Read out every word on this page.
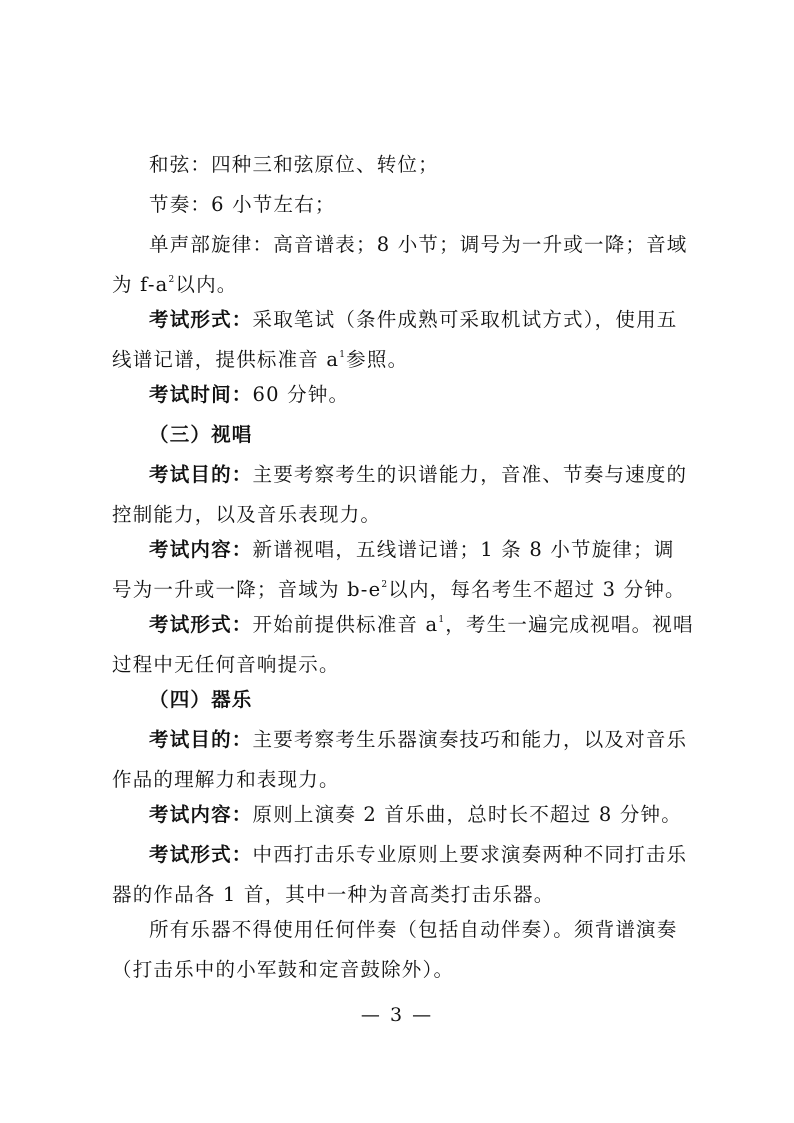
和弦：四种三和弦原位、转位；

节奏：6 小节左右；

单声部旋律：高音谱表；8 小节；调号为一升或一降；音域为 $f-a^2$以内。

考试形式：采取笔试（条件成熟可采取机试方式），使用五线谱记谱，提供标准音 $a^1$参照。

考试时间：60 分钟。

（三）视唱

考试目的：主要考察考生的识谱能力，音准、节奏与速度的控制能力，以及音乐表现力。

考试内容：新谱视唱，五线谱记谱；1 条 8 小节旋律；调号为一升或一降；音域为 $b-e^2$以内，每名考生不超过 3 分钟。

考试形式：开始前提供标准音 $a^1$，考生一遍完成视唱。视唱过程中无任何音响提示。

（四）器乐

考试目的：主要考察考生乐器演奏技巧和能力，以及对音乐作品的理解力和表现力。

考试内容：原则上演奏 2 首乐曲，总时长不超过 8 分钟。

考试形式：中西打击乐专业原则上要求演奏两种不同打击乐器的作品各 1 首，其中一种为音高类打击乐器。

所有乐器不得使用任何伴奏（包括自动伴奏）。须背谱演奏（打击乐中的小军鼓和定音鼓除外）。

— 3 —
